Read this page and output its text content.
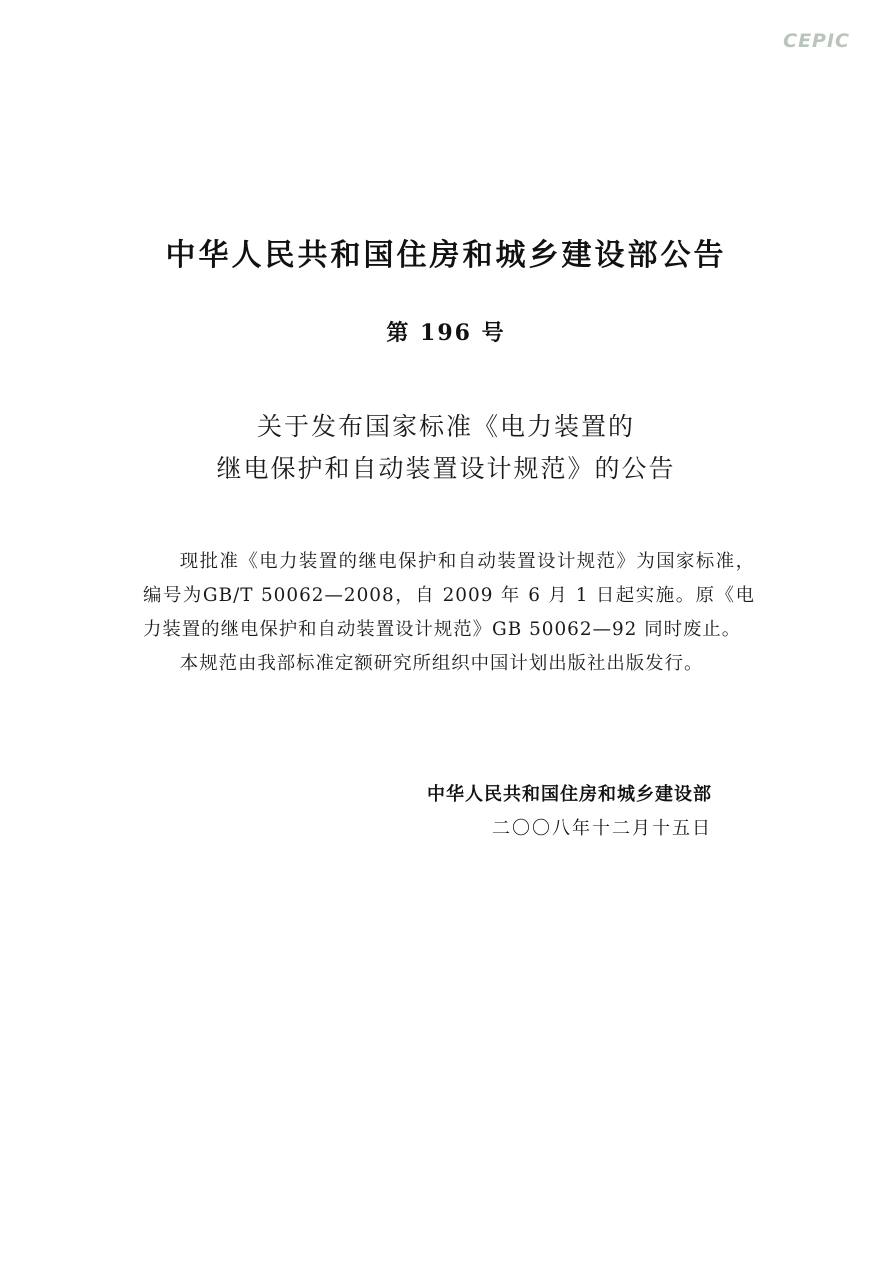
CEPIC
中华人民共和国住房和城乡建设部公告
第 196 号
关于发布国家标准《电力装置的
继电保护和自动装置设计规范》的公告

现批准《电力装置的继电保护和自动装置设计规范》为国家标准，编号为GB/T 50062—2008，自 2009 年 6 月 1 日起实施。原《电力装置的继电保护和自动装置设计规范》GB 50062—92 同时废止。

本规范由我部标准定额研究所组织中国计划出版社出版发行。

中华人民共和国住房和城乡建设部
二〇〇八年十二月十五日
